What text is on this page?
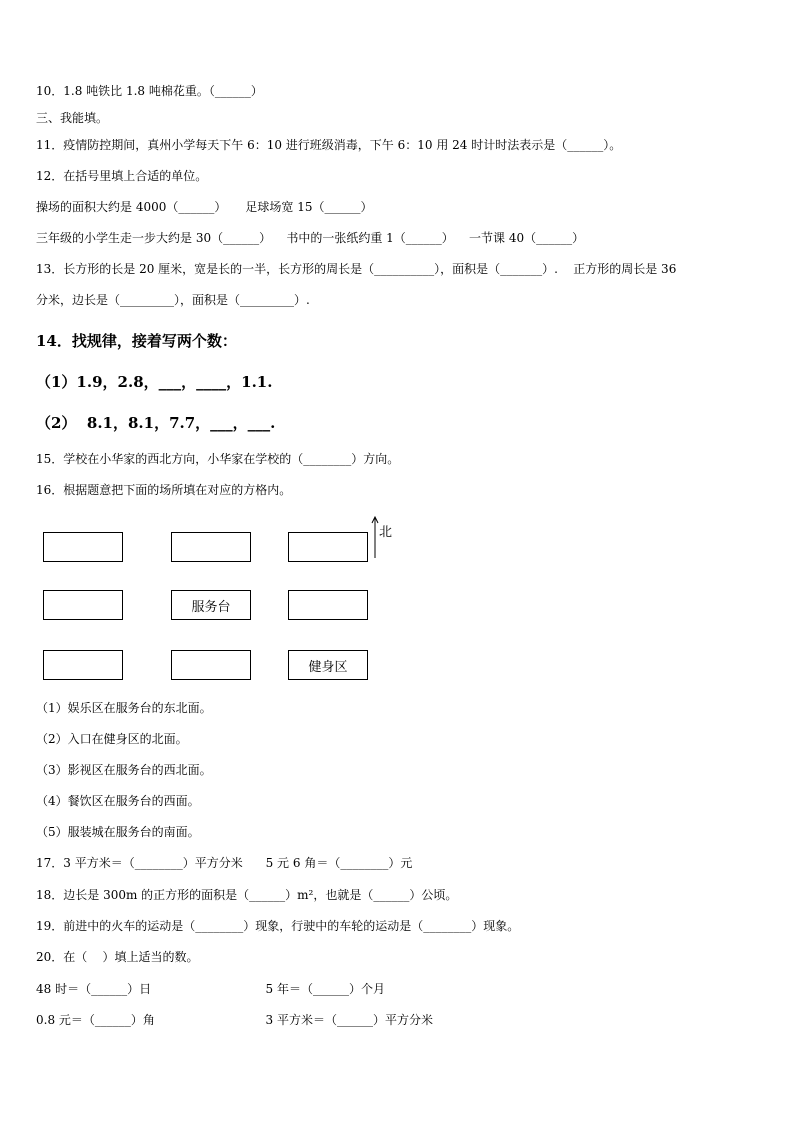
10．1.8 吨铁比 1.8 吨棉花重。（______）
三、我能填。
11．疫情防控期间，真州小学每天下午 6：10 进行班级消毒，下午 6：10 用 24 时计时法表示是（______）。
12．在括号里填上合适的单位。
操场的面积大约是 4000（______）     足球场宽 15（______）
三年级的小学生走一步大约是 30（______）    书中的一张纸约重 1（______）    一节课 40（______）
13．长方形的长是 20 厘米，宽是长的一半，长方形的周长是（__________），面积是（_______）.    正方形的周长是 36
分米，边长是（_________），面积是（_________）.
14．找规律，接着写两个数：
（1）1.9，2.8，___，____，1.1.
（2）  8.1，8.1，7.7，___，___.
15．学校在小华家的西北方向，小华家在学校的（________）方向。
16．根据题意把下面的场所填在对应的方格内。
服务台
健身区
北
（1）娱乐区在服务台的东北面。
（2）入口在健身区的北面。
（3）影视区在服务台的西北面。
（4）餐饮区在服务台的西面。
（5）服装城在服务台的南面。
17．3 平方米＝（________）平方分米      5 元 6 角＝（________）元
18．边长是 300m 的正方形的面积是（______）m²，也就是（______）公顷。
19．前进中的火车的运动是（________）现象，行驶中的车轮的运动是（________）现象。
20．在（    ）填上适当的数。
48 时＝（______）日                              5 年＝（______）个月
0.8 元＝（______）角                             3 平方米＝（______）平方分米
